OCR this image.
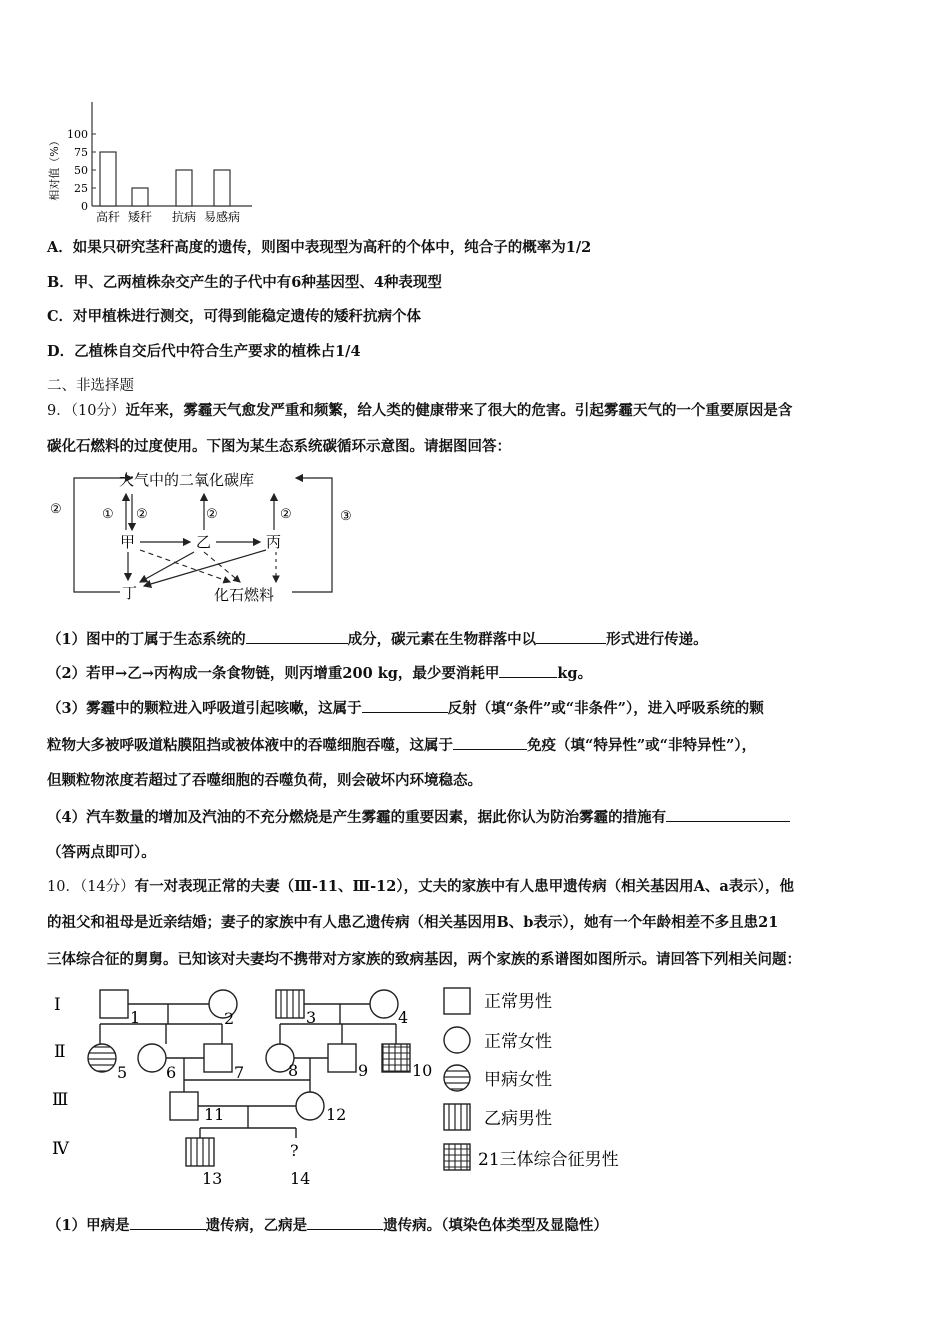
相对值（%）
0
25
50
75
100
高秆 矮秆 抗病 易感病
A．如果只研究茎秆高度的遗传，则图中表现型为高秆的个体中，纯合子的概率为1/2
B．甲、乙两植株杂交产生的子代中有6种基因型、4种表现型
C．对甲植株进行测交，可得到能稳定遗传的矮秆抗病个体
D．乙植株自交后代中符合生产要求的植株占1/4
二、非选择题
9．（10分）近年来，雾霾天气愈发严重和频繁，给人类的健康带来了很大的危害。引起雾霾天气的一个重要原因是含
碳化石燃料的过度使用。下图为某生态系统碳循环示意图。请据图回答：
大气中的二氧化碳库
②	③
① ②	②	②
甲	乙	丙
丁	化石燃料
（1）图中的丁属于生态系统的	成分，碳元素在生物群落中以	形式进行传递。
（2）若甲→乙→丙构成一条食物链，则丙增重200 kg，最少要消耗甲	kg。
（3）雾霾中的颗粒进入呼吸道引起咳嗽，这属于	反射（填“条件”或“非条件”），进入呼吸系统的颗
粒物大多被呼吸道粘膜阻挡或被体液中的吞噬细胞吞噬，这属于	免疫（填“特异性”或“非特异性”），
但颗粒物浓度若超过了吞噬细胞的吞噬负荷，则会破坏内环境稳态。
（4）汽车数量的增加及汽油的不充分燃烧是产生雾霾的重要因素，据此你认为防治雾霾的措施有
（答两点即可）。
10．（14分）有一对表现正常的夫妻（Ⅲ-11、Ⅲ-12），丈夫的家族中有人患甲遗传病（相关基因用A、a表示），他
的祖父和祖母是近亲结婚；妻子的家族中有人患乙遗传病（相关基因用B、b表示），她有一个年龄相差不多且患21
三体综合征的舅舅。已知该对夫妻均不携带对方家族的致病基因，两个家族的系谱图如图所示。请回答下列相关问题：
Ⅰ
Ⅱ
Ⅲ
Ⅳ
1	2	3	4
5 6	7	8	9	10
11	12
13
?
14
正常男性
正常女性
甲病女性
乙病男性
21三体综合征男性
（1）甲病是	遗传病，乙病是	遗传病。（填染色体类型及显隐性）
